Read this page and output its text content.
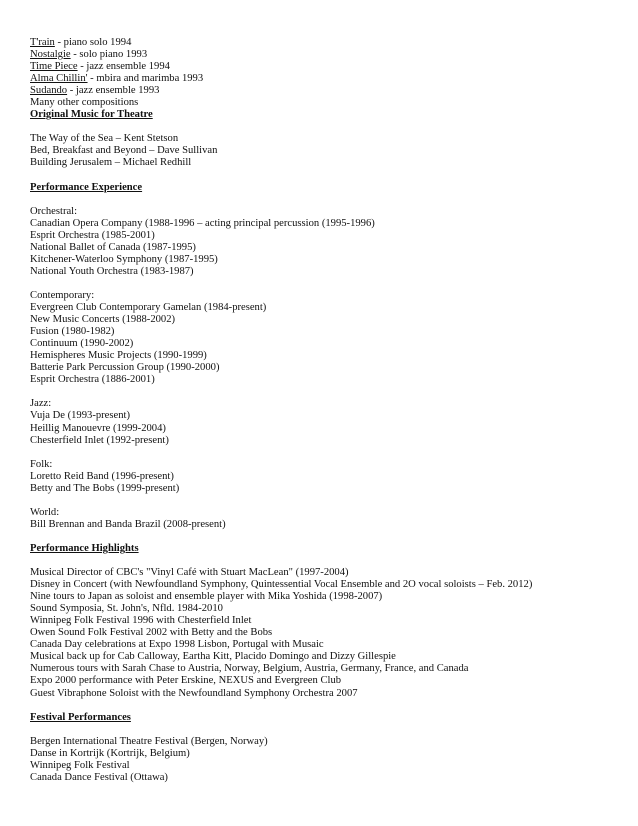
T'rain - piano solo 1994
Nostalgie - solo piano 1993
Time Piece - jazz ensemble 1994
Alma Chillin' - mbira and marimba 1993
Sudando - jazz ensemble 1993
Many other compositions
Original Music for Theatre
The Way of the Sea – Kent Stetson
Bed, Breakfast and Beyond – Dave Sullivan
Building Jerusalem – Michael Redhill
Performance Experience
Orchestral:
Canadian Opera Company (1988-1996 – acting principal percussion (1995-1996)
Esprit Orchestra (1985-2001)
National Ballet of Canada (1987-1995)
Kitchener-Waterloo Symphony (1987-1995)
National Youth Orchestra (1983-1987)
Contemporary:
Evergreen Club Contemporary Gamelan (1984-present)
New Music Concerts (1988-2002)
Fusion (1980-1982)
Continuum (1990-2002)
Hemispheres Music Projects (1990-1999)
Batterie Park Percussion Group (1990-2000)
Esprit Orchestra (1886-2001)
Jazz:
Vuja De (1993-present)
Heillig Manouevre (1999-2004)
Chesterfield Inlet (1992-present)
Folk:
Loretto Reid Band (1996-present)
Betty and The Bobs (1999-present)
World:
Bill Brennan and Banda Brazil (2008-present)
Performance Highlights
Musical Director of CBC's "Vinyl Café with Stuart MacLean" (1997-2004)
Disney in Concert (with Newfoundland Symphony, Quintessential Vocal Ensemble and 2O vocal soloists – Feb. 2012)
Nine tours to Japan as soloist and ensemble player with Mika Yoshida (1998-2007)
Sound Symposia, St. John's, Nfld. 1984-2010
Winnipeg Folk Festival 1996 with Chesterfield Inlet
Owen Sound Folk Festival 2002 with Betty and the Bobs
Canada Day celebrations at Expo 1998 Lisbon, Portugal with Musaic
Musical back up for Cab Calloway, Eartha Kitt, Placido Domingo and Dizzy Gillespie
Numerous tours with Sarah Chase to Austria, Norway, Belgium, Austria, Germany, France, and Canada
Expo 2000 performance with Peter Erskine, NEXUS and Evergreen Club
Guest Vibraphone Soloist with the Newfoundland Symphony Orchestra 2007
Festival Performances
Bergen International Theatre Festival (Bergen, Norway)
Danse in Kortrijk (Kortrijk, Belgium)
Winnipeg Folk Festival
Canada Dance Festival (Ottawa)
